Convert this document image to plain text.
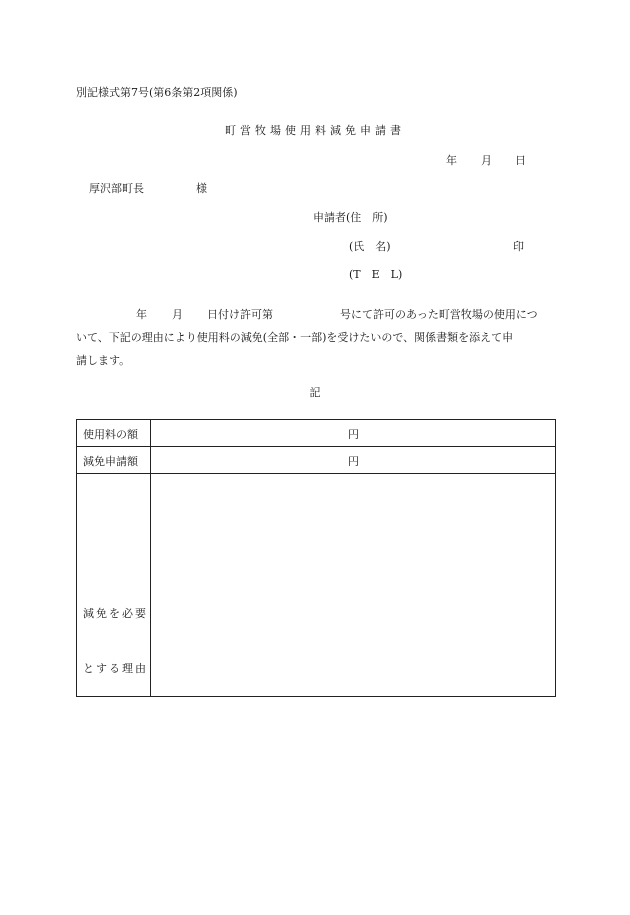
別記様式第7号(第6条第2項関係)
町営牧場使用料減免申請書
年 月 日
厚沢部町長	様
申請者(住　所)
(氏　名)	印
(T　E　L)
年 月 日付け許可第	号にて許可のあった町営牧場の使用につ
いて、下記の理由により使用料の減免(全部・一部)を受けたいので、関係書類を添えて申
請します。
記
使用料の額	円
減免申請額	円
減免を必要
とする理由
